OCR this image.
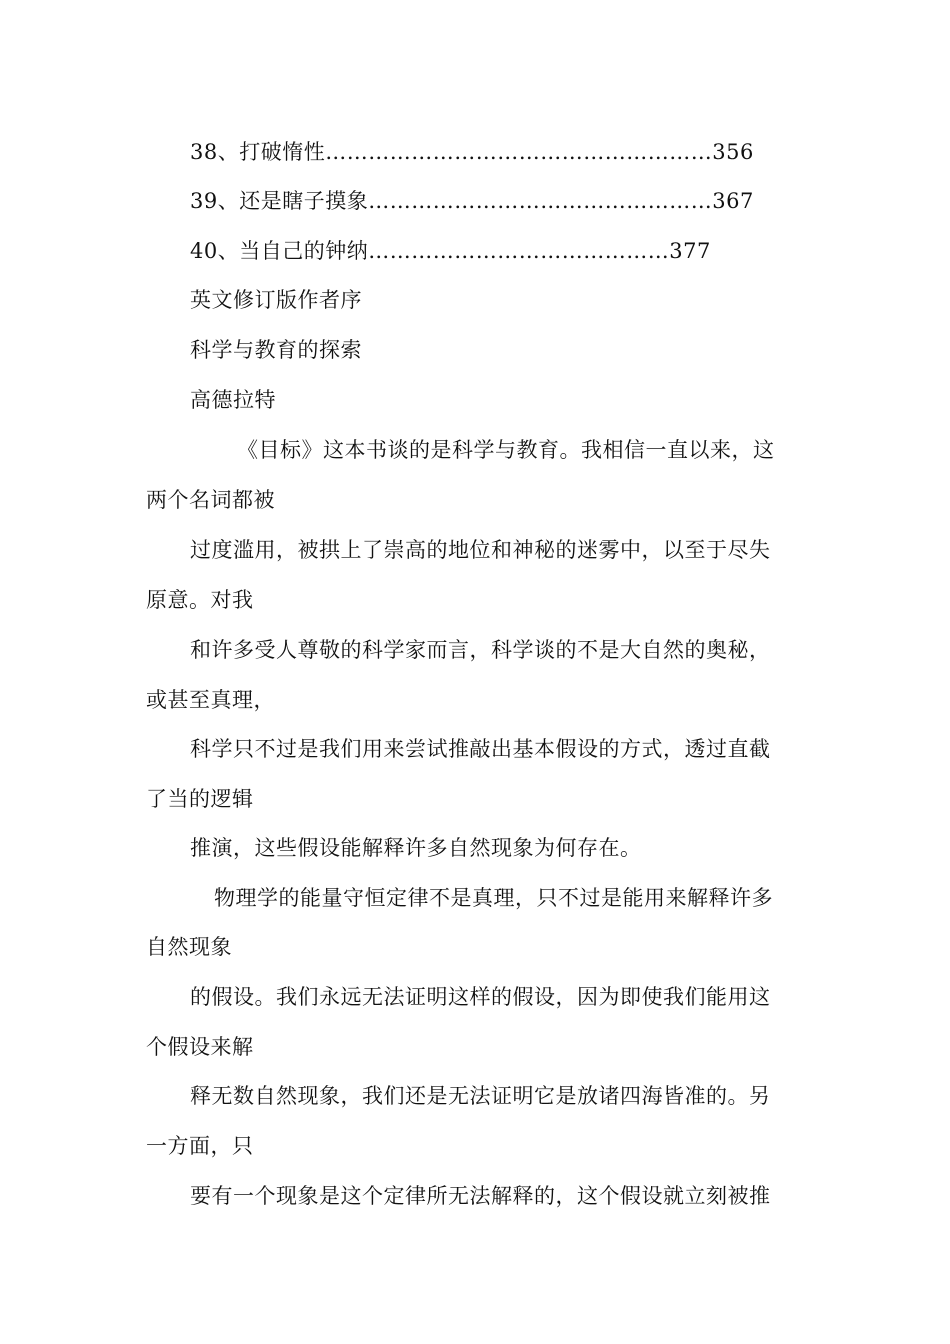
38、打破惰性………………………………………………356
39、还是瞎子摸象…………………………………………367
40、当自己的钟纳……………………………………377
英文修订版作者序
科学与教育的探索
高德拉特
《目标》这本书谈的是科学与教育。我相信一直以来，这
两个名词都被
过度滥用，被拱上了崇高的地位和神秘的迷雾中，以至于尽失
原意。对我
和许多受人尊敬的科学家而言，科学谈的不是大自然的奥秘，
或甚至真理，
科学只不过是我们用来尝试推敲出基本假设的方式，透过直截
了当的逻辑
推演，这些假设能解释许多自然现象为何存在。
物理学的能量守恒定律不是真理，只不过是能用来解释许多
自然现象
的假设。我们永远无法证明这样的假设，因为即使我们能用这
个假设来解
释无数自然现象，我们还是无法证明它是放诸四海皆准的。另
一方面，只
要有一个现象是这个定律所无法解释的，这个假设就立刻被推
